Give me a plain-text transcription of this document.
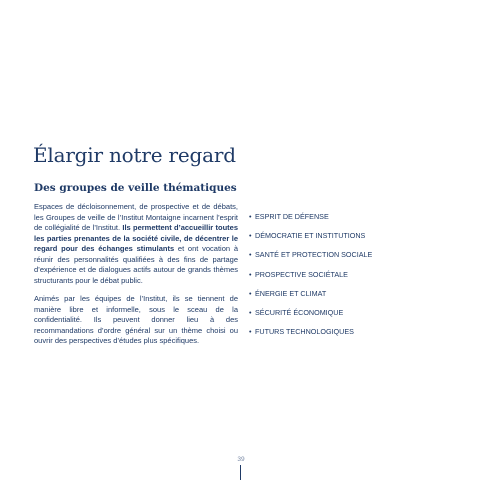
Élargir notre regard
Des groupes de veille thématiques

Espaces de décloisonnement, de prospective et de débats, les Groupes de veille de l’Institut Montaigne incarnent l’esprit de collégialité de l’Institut. Ils permettent d’accueillir toutes les parties prenantes de la société civile, de décentrer le regard pour des échanges stimulants et ont vocation à réunir des personnalités qualifiées à des fins de partage d’expérience et de dialogues actifs autour de grands thèmes structurants pour le débat public.

Animés par les équipes de l’Institut, ils se tiennent de manière libre et informelle, sous le sceau de la confidentialité. Ils peuvent donner lieu à des recommandations d’ordre général sur un thème choisi ou ouvrir des perspectives d’études plus spécifiques.

• ESPRIT DE DÉFENSE
• DÉMOCRATIE ET INSTITUTIONS
• SANTÉ ET PROTECTION SOCIALE
• PROSPECTIVE SOCIÉTALE
• ÉNERGIE ET CLIMAT
• SÉCURITÉ ÉCONOMIQUE
• FUTURS TECHNOLOGIQUES
39
